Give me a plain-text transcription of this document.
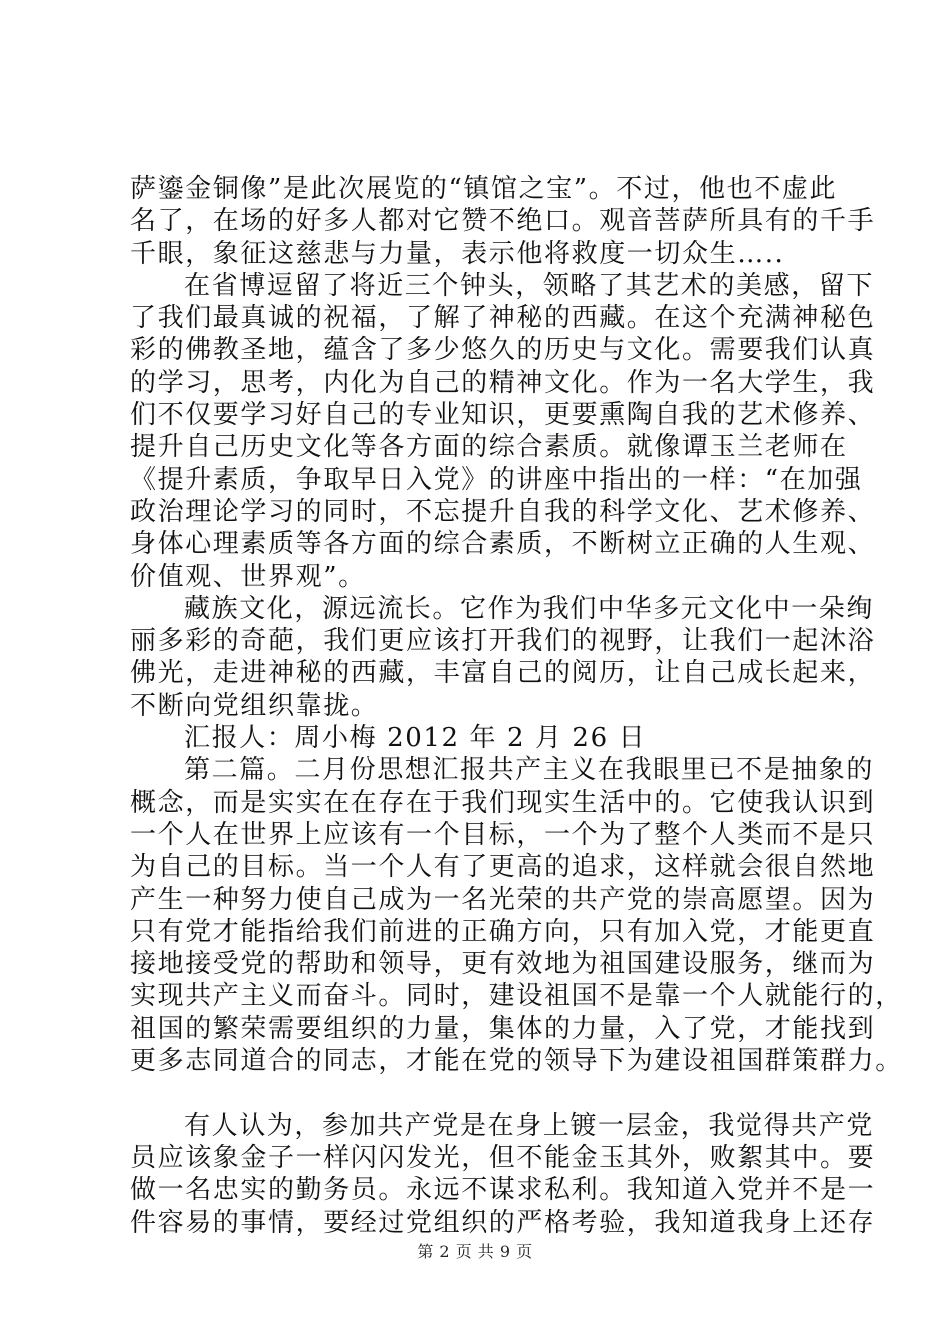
萨鎏金铜像”是此次展览的“镇馆之宝”。不过，他也不虚此
名了，在场的好多人都对它赞不绝口。观音菩萨所具有的千手
千眼，象征这慈悲与力量，表示他将救度一切众生….．
在省博逗留了将近三个钟头，领略了其艺术的美感，留下
了我们最真诚的祝福，了解了神秘的西藏。在这个充满神秘色
彩的佛教圣地，蕴含了多少悠久的历史与文化。需要我们认真
的学习，思考，内化为自己的精神文化。作为一名大学生，我
们不仅要学习好自己的专业知识，更要熏陶自我的艺术修养、
提升自己历史文化等各方面的综合素质。就像谭玉兰老师在
《提升素质，争取早日入党》的讲座中指出的一样：“在加强
政治理论学习的同时，不忘提升自我的科学文化、艺术修养、
身体心理素质等各方面的综合素质，不断树立正确的人生观、
价值观、世界观”。
藏族文化，源远流长。它作为我们中华多元文化中一朵绚
丽多彩的奇葩，我们更应该打开我们的视野，让我们一起沐浴
佛光，走进神秘的西藏，丰富自己的阅历，让自己成长起来，
不断向党组织靠拢。
汇报人：周小梅 2012 年 2 月 26 日
第二篇。二月份思想汇报共产主义在我眼里已不是抽象的
概念，而是实实在在存在于我们现实生活中的。它使我认识到
一个人在世界上应该有一个目标，一个为了整个人类而不是只
为自己的目标。当一个人有了更高的追求，这样就会很自然地
产生一种努力使自己成为一名光荣的共产党的崇高愿望。因为
只有党才能指给我们前进的正确方向，只有加入党，才能更直
接地接受党的帮助和领导，更有效地为祖国建设服务，继而为
实现共产主义而奋斗。同时，建设祖国不是靠一个人就能行的，
祖国的繁荣需要组织的力量，集体的力量，入了党，才能找到
更多志同道合的同志，才能在党的领导下为建设祖国群策群力。
有人认为，参加共产党是在身上镀一层金，我觉得共产党
员应该象金子一样闪闪发光，但不能金玉其外，败絮其中。要
做一名忠实的勤务员。永远不谋求私利。我知道入党并不是一
件容易的事情，要经过党组织的严格考验，我知道我身上还存
第 2 页 共 9 页
